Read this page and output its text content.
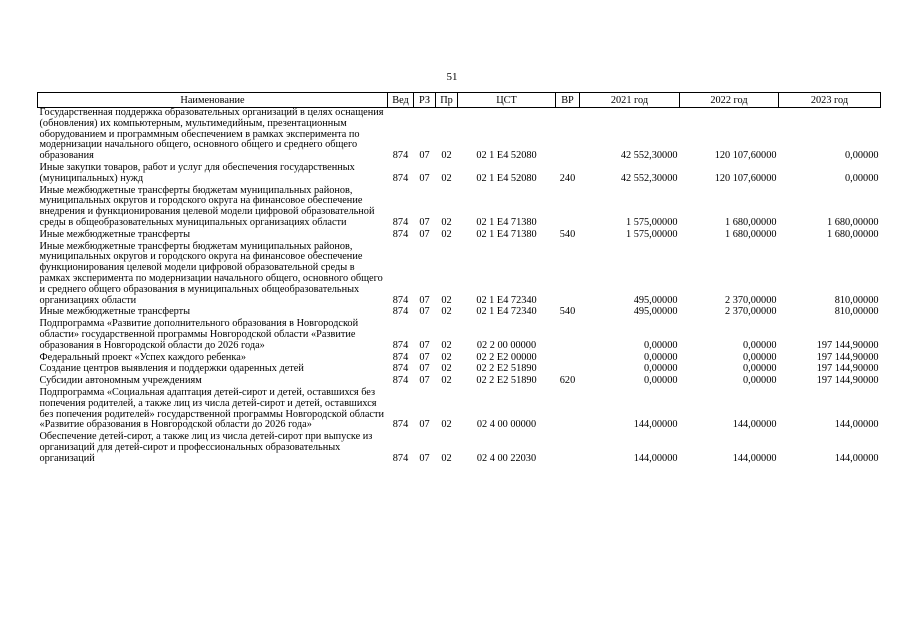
51
Наименование	Вед	РЗ	Пр	ЦСТ	ВР	2021 год	2022 год	2023 год
Государственная поддержка образовательных организаций в целях оснащения (обновления) их компьютерным, мультимедийным, презентационным оборудованием и программным обеспечением в рамках эксперимента по модернизации начального общего, основного общего и среднего общего образования	874	07	02	02 1 E4 52080		42 552,30000	120 107,60000	0,00000
Иные закупки товаров, работ и услуг для обеспечения государственных (муниципальных) нужд	874	07	02	02 1 E4 52080	240	42 552,30000	120 107,60000	0,00000
Иные межбюджетные трансферты бюджетам муниципальных районов, муниципальных округов и городского округа на финансовое обеспечение внедрения и функционирования целевой модели цифровой образовательной среды в общеобразовательных муниципальных организациях области	874	07	02	02 1 E4 71380		1 575,00000	1 680,00000	1 680,00000
Иные межбюджетные трансферты	874	07	02	02 1 E4 71380	540	1 575,00000	1 680,00000	1 680,00000
Иные межбюджетные трансферты бюджетам муниципальных районов, муниципальных округов и городского округа на финансовое обеспечение функционирования целевой модели цифровой образовательной среды в рамках эксперимента по модернизации начального общего, основного общего и среднего общего образования в муниципальных общеобразовательных организациях области	874	07	02	02 1 E4 72340		495,00000	2 370,00000	810,00000
Иные межбюджетные трансферты	874	07	02	02 1 E4 72340	540	495,00000	2 370,00000	810,00000
Подпрограмма «Развитие дополнительного образования в Новгородской области» государственной программы Новгородской области «Развитие образования в Новгородской области до 2026 года»	874	07	02	02 2 00 00000		0,00000	0,00000	197 144,90000
Федеральный проект «Успех каждого ребенка»	874	07	02	02 2 E2 00000		0,00000	0,00000	197 144,90000
Создание центров выявления и поддержки одаренных детей	874	07	02	02 2 E2 51890		0,00000	0,00000	197 144,90000
Субсидии автономным учреждениям	874	07	02	02 2 E2 51890	620	0,00000	0,00000	197 144,90000
Подпрограмма «Социальная адаптация детей-сирот и детей, оставшихся без попечения родителей, а также лиц из числа детей-сирот и детей, оставшихся без попечения родителей» государственной программы Новгородской области «Развитие образования в Новгородской области до 2026 года»	874	07	02	02 4 00 00000		144,00000	144,00000	144,00000
Обеспечение детей-сирот, а также лиц из числа детей-сирот при выпуске из организаций для детей-сирот и профессиональных образовательных организаций	874	07	02	02 4 00 22030		144,00000	144,00000	144,00000
